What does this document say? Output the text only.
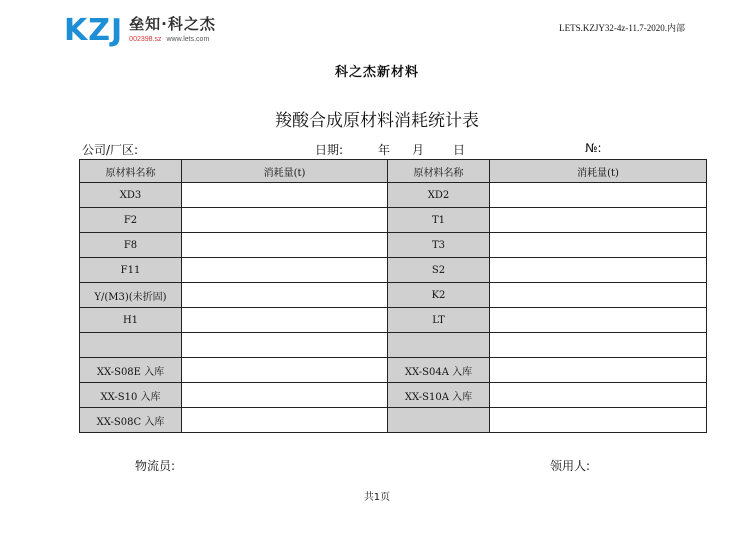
KZJ 垒知·科之杰
002398.sz www.lets.com
LETS.KZJY32-4z-11.7-2020.内部
科之杰新材料
羧酸合成原材料消耗统计表
公司/厂区:	日期:	年 月 日	№:
原材料名称	消耗量(t)	原材料名称	消耗量(t)
XD3		XD2	
F2		T1	
F8		T3	
F11		S2	
Y/(M3)(未折固)		K2	
H1		LT	

XX-S08E 入库		XX-S04A 入库	
XX-S10 入库		XX-S10A 入库	
XX-S08C 入库			
物流员:	领用人:
共1页
